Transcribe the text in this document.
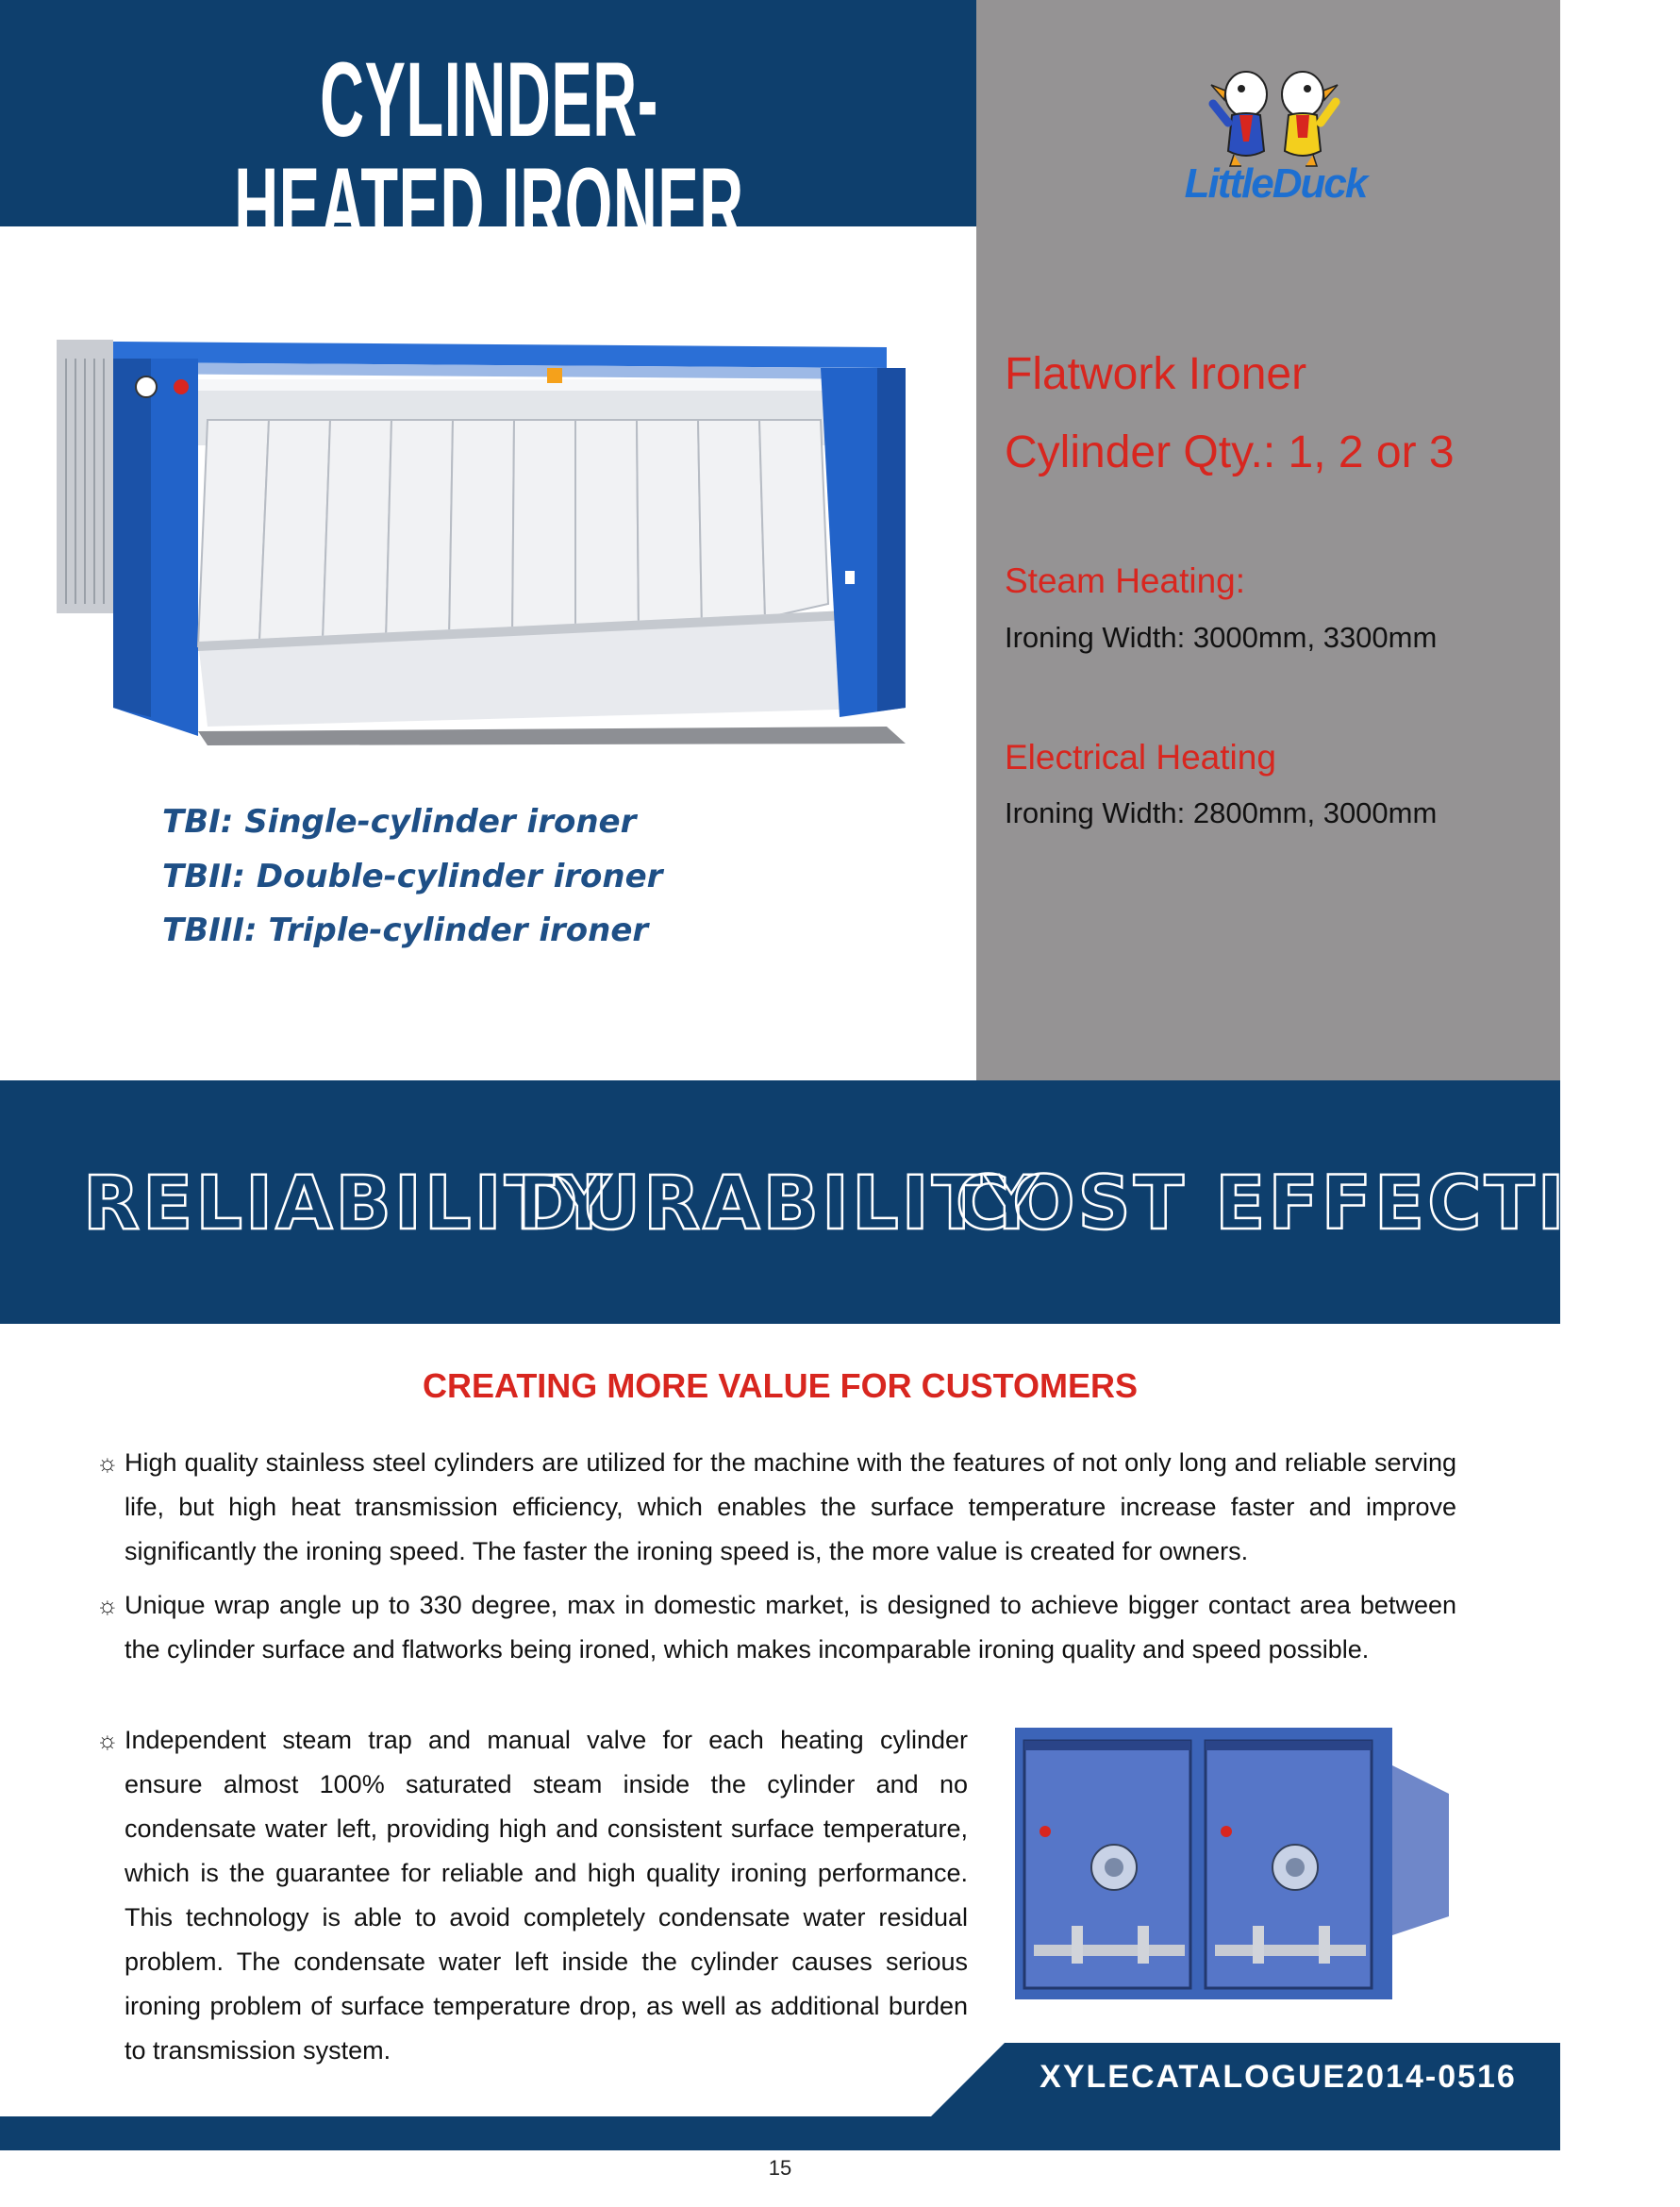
CYLINDER-HEATED IRONER	LittleDuck
TBI: Single-cylinder ironer
TBII: Double-cylinder ironer
TBIII: Triple-cylinder ironer
Flatwork Ironer
Cylinder Qty.: 1, 2 or 3
Steam Heating:
Ironing Width: 3000mm, 3300mm
Electrical Heating
Ironing Width: 2800mm, 3000mm
RELIABILITY
DURABILITY
COST EFFECTIVE
CREATING MORE VALUE FOR CUSTOMERS
☼ High quality stainless steel cylinders are utilized for the machine with the features of not only long and reliable serving life, but high heat transmission efficiency, which enables the surface temperature increase faster and improve significantly the ironing speed. The faster the ironing speed is, the more value is created for owners.
☼ Unique wrap angle up to 330 degree, max in domestic market, is designed to achieve bigger contact area between the cylinder surface and flatworks being ironed, which makes incomparable ironing quality and speed possible.
☼ Independent steam trap and manual valve for each heating cylinder ensure almost 100% saturated steam inside the cylinder and no condensate water left, providing high and consistent surface temperature, which is the guarantee for reliable and high quality ironing performance. This technology is able to avoid completely condensate water residual problem. The condensate water left inside the cylinder causes serious ironing problem of surface temperature drop, as well as additional burden to transmission system.
XYLECATALOGUE2014-0516
15
